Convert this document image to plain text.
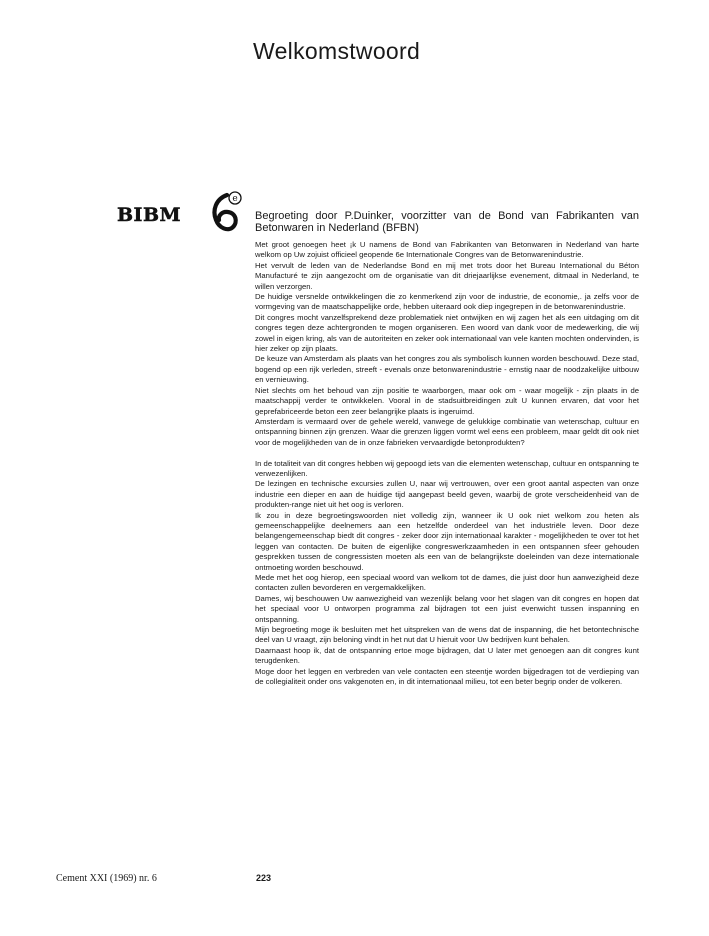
Welkomstwoord
BIBM
e
Begroeting door P.Duinker, voorzitter van de Bond van Fabrikanten van Betonwaren in Nederland (BFBN)

Met groot genoegen heet ¡k U namens de Bond van Fabrikanten van Betonwaren in Nederland van harte welkom op Uw zojuist officieel geopende 6e Internationale Congres van de Betonwarenindustrie.

Het vervult de leden van de Nederlandse Bond en mij met trots door het Bureau International du Béton Manufacturé te zijn aangezocht om de organisatie van dit driejaarlijkse evenement, ditmaal in Nederland, te willen verzorgen.

De huidige versnelde ontwikkelingen die zo kenmerkend zijn voor de industrie, de economie,. ja zelfs voor de vormgeving van de maatschappelijke orde, hebben uiteraard ook diep ingegrepen in de betonwarenindustrie.

Dit congres mocht vanzelfsprekend deze problematiek niet ontwijken en wij zagen het als een uitdaging om dit congres tegen deze achtergronden te mogen organiseren. Een woord van dank voor de medewerking, die wij zowel in eigen kring, als van de autoriteiten en zeker ook internationaal van vele kanten mochten ondervinden, is hier zeker op zijn plaats.

De keuze van Amsterdam als plaats van het congres zou als symbolisch kunnen worden beschouwd. Deze stad, bogend op een rijk verleden, streeft - evenals onze betonwarenindustrie - ernstig naar de noodzakelijke uitbouw en vernieuwing.

Niet slechts om het behoud van zijn positie te waarborgen, maar ook om - waar mogelijk - zijn plaats in de maatschappij verder te ontwikkelen. Vooral in de stadsuitbreidingen zult U kunnen ervaren, dat voor het geprefabriceerde beton een zeer belangrijke plaats is ingeruimd.

Amsterdam is vermaard over de gehele wereld, vanwege de gelukkige combinatie van wetenschap, cultuur en ontspanning binnen zijn grenzen. Waar die grenzen liggen vormt wel eens een probleem, maar geldt dit ook niet voor de mogelijkheden van de in onze fabrieken vervaardigde betonprodukten?

In de totaliteit van dit congres hebben wij gepoogd iets van die elementen wetenschap, cultuur en ontspanning te verwezenlijken.

De lezingen en technische excursies zullen U, naar wij vertrouwen, over een groot aantal aspecten van onze industrie een dieper en aan de huidige tijd aangepast beeld geven, waarbij de grote verscheidenheid van de produkten-range niet uit het oog is verloren.

Ik zou in deze begroetingswoorden niet volledig zijn, wanneer ik U ook niet welkom zou heten als gemeenschappelijke deelnemers aan een hetzelfde onderdeel van het industriële leven. Door deze belangengemeenschap biedt dit congres - zeker door zijn internationaal karakter - mogelijkheden te over tot het leggen van contacten. De buiten de eigenlijke congreswerkzaamheden in een ontspannen sfeer gehouden gesprekken tussen de congressisten moeten als een van de belangrijkste doeleinden van deze internationale ontmoeting worden beschouwd.

Mede met het oog hierop, een speciaal woord van welkom tot de dames, die juist door hun aanwezigheid deze contacten zullen bevorderen en vergemakkelijken.

Dames, wij beschouwen Uw aanwezigheid van wezenlijk belang voor het slagen van dit congres en hopen dat het speciaal voor U ontworpen programma zal bijdragen tot een juist evenwicht tussen inspanning en ontspanning.

Mijn begroeting moge ik besluiten met het uitspreken van de wens dat de inspanning, die het betontechnische deel van U vraagt, zijn beloning vindt in het nut dat U hieruit voor Uw bedrijven kunt behalen.

Daarnaast hoop ik, dat de ontspanning ertoe moge bijdragen, dat U later met genoegen aan dit congres kunt terugdenken.

Moge door het leggen en verbreden van vele contacten een steentje worden bijgedragen tot de verdieping van de collegialiteit onder ons vakgenoten en, in dit internationaal milieu, tot een beter begrip onder de volkeren.

Cement XXI (1969) nr. 6	223
